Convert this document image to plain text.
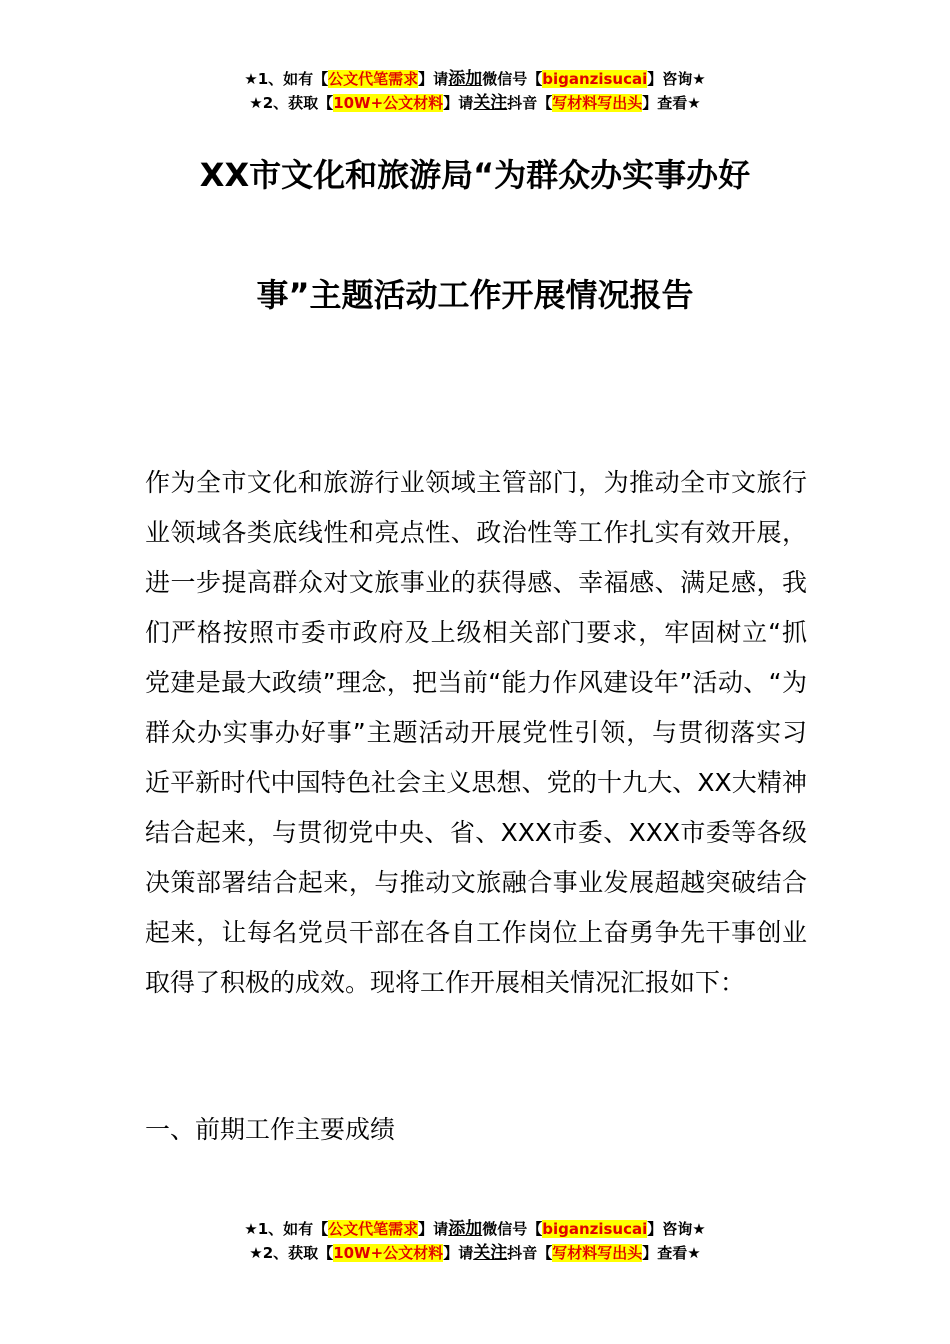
★1、如有【公文代笔需求】请添加微信号【biganzisucai】咨询★
★2、获取【10W+公文材料】请关注抖音【写材料写出头】查看★
XX市文化和旅游局“为群众办实事办好
事”主题活动工作开展情况报告

作为全市文化和旅游行业领域主管部门，为推动全市文旅行业领域各类底线性和亮点性、政治性等工作扎实有效开展，进一步提高群众对文旅事业的获得感、幸福感、满足感，我们严格按照市委市政府及上级相关部门要求，牢固树立“抓党建是最大政绩”理念，把当前“能力作风建设年”活动、“为群众办实事办好事”主题活动开展党性引领，与贯彻落实习近平新时代中国特色社会主义思想、党的十九大、XX大精神结合起来，与贯彻党中央、省、XXX市委、XXX市委等各级决策部署结合起来，与推动文旅融合事业发展超越突破结合起来，让每名党员干部在各自工作岗位上奋勇争先干事创业取得了积极的成效。现将工作开展相关情况汇报如下：

一、前期工作主要成绩

★1、如有【公文代笔需求】请添加微信号【biganzisucai】咨询★
★2、获取【10W+公文材料】请关注抖音【写材料写出头】查看★
